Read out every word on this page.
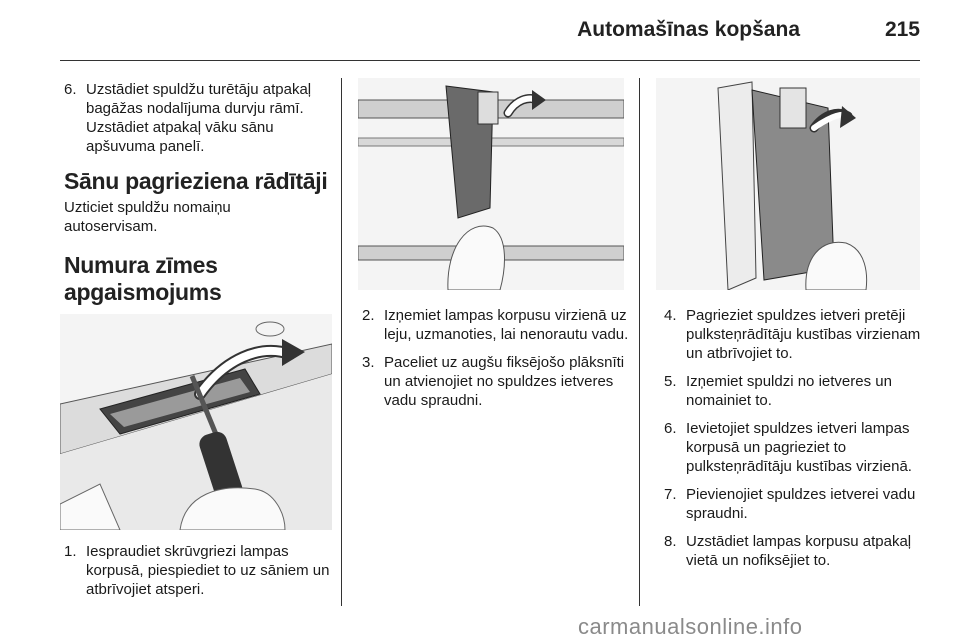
Automašīnas kopšana	215
6. Uzstādiet spuldžu turētāju atpakaļ bagāžas nodalījuma durvju rāmī. Uzstādiet atpakaļ vāku sānu apšuvuma panelī.
Sānu pagrieziena rādītāji

Uzticiet spuldžu nomaiņu autoservisam.

Numura zīmes apgaismojums
1. Iespraudiet skrūvgriezi lampas korpusā, piespiediet to uz sāniem un atbrīvojiet atsperi.
2. Izņemiet lampas korpusu virzienā uz leju, uzmanoties, lai nenorautu vadu.
3. Paceliet uz augšu fiksējošo plāksnīti un atvienojiet no spuldzes ietveres vadu spraudni.
4. Pagrieziet spuldzes ietveri pretēji pulksteņrādītāju kustības virzienam un atbrīvojiet to.
5. Izņemiet spuldzi no ietveres un nomainiet to.
6. Ievietojiet spuldzes ietveri lampas korpusā un pagrieziet to pulksteņrādītāju kustības virzienā.
7. Pievienojiet spuldzes ietverei vadu spraudni.
8. Uzstādiet lampas korpusu atpakaļ vietā un nofiksējiet to.
carmanualsonline.info
